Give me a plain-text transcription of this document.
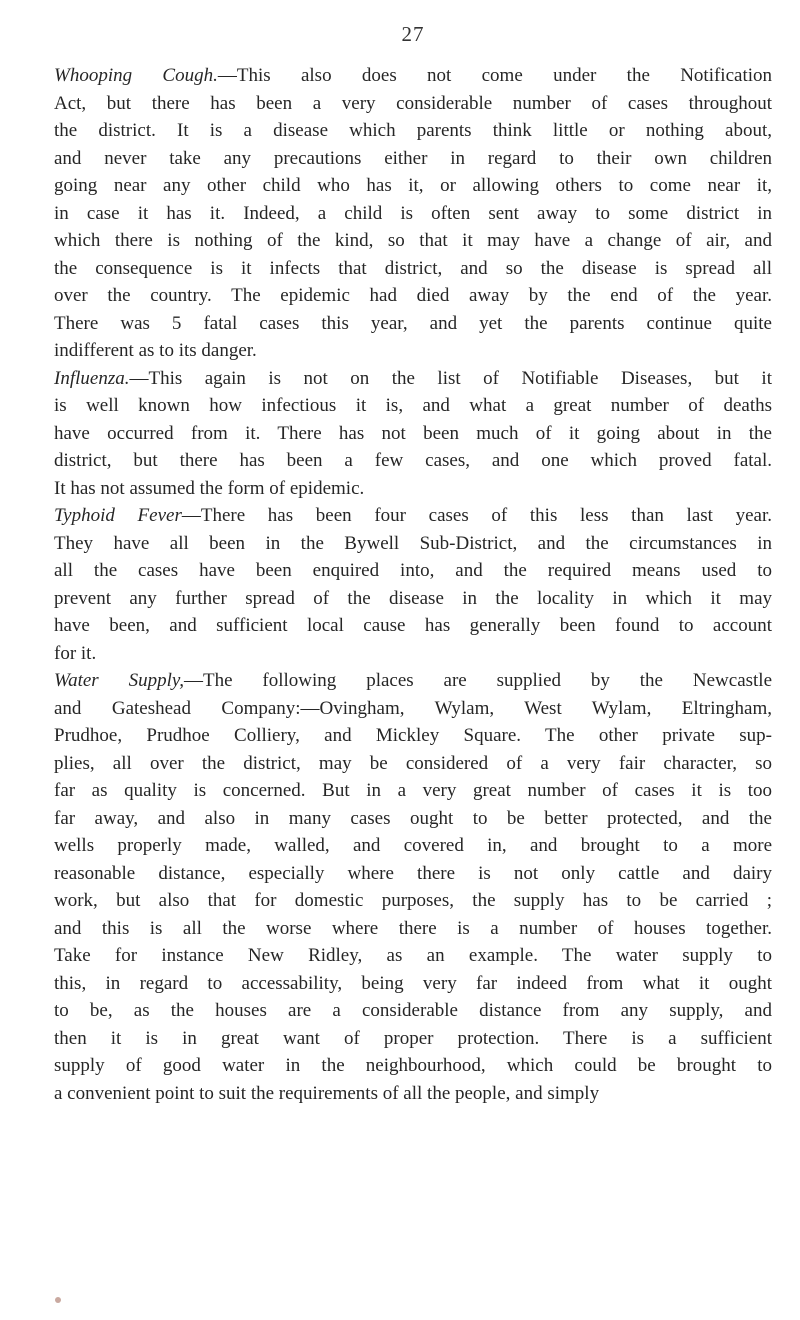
27
Whooping Cough.—This also does not come under the Notification
Act, but there has been a very considerable number of cases throughout
the district. It is a disease which parents think little or nothing about,
and never take any precautions either in regard to their own children
going near any other child who has it, or allowing others to come near it,
in case it has it. Indeed, a child is often sent away to some district in
which there is nothing of the kind, so that it may have a change of air, and
the consequence is it infects that district, and so the disease is spread all
over the country. The epidemic had died away by the end of the year.
There was 5 fatal cases this year, and yet the parents continue quite
indifferent as to its danger.
Influenza.—This again is not on the list of Notifiable Diseases, but it
is well known how infectious it is, and what a great number of deaths
have occurred from it. There has not been much of it going about in the
district, but there has been a few cases, and one which proved fatal.
It has not assumed the form of epidemic.
Typhoid Fever—There has been four cases of this less than last year.
They have all been in the Bywell Sub-District, and the circumstances in
all the cases have been enquired into, and the required means used to
prevent any further spread of the disease in the locality in which it may
have been, and sufficient local cause has generally been found to account
for it.
Water Supply,—The following places are supplied by the Newcastle
and Gateshead Company:—Ovingham, Wylam, West Wylam, Eltringham,
Prudhoe, Prudhoe Colliery, and Mickley Square. The other private sup-
plies, all over the district, may be considered of a very fair character, so
far as quality is concerned. But in a very great number of cases it is too
far away, and also in many cases ought to be better protected, and the
wells properly made, walled, and covered in, and brought to a more
reasonable distance, especially where there is not only cattle and dairy
work, but also that for domestic purposes, the supply has to be carried ;
and this is all the worse where there is a number of houses together.
Take for instance New Ridley, as an example. The water supply to
this, in regard to accessability, being very far indeed from what it ought
to be, as the houses are a considerable distance from any supply, and
then it is in great want of proper protection. There is a sufficient
supply of good water in the neighbourhood, which could be brought to
a convenient point to suit the requirements of all the people, and simply
